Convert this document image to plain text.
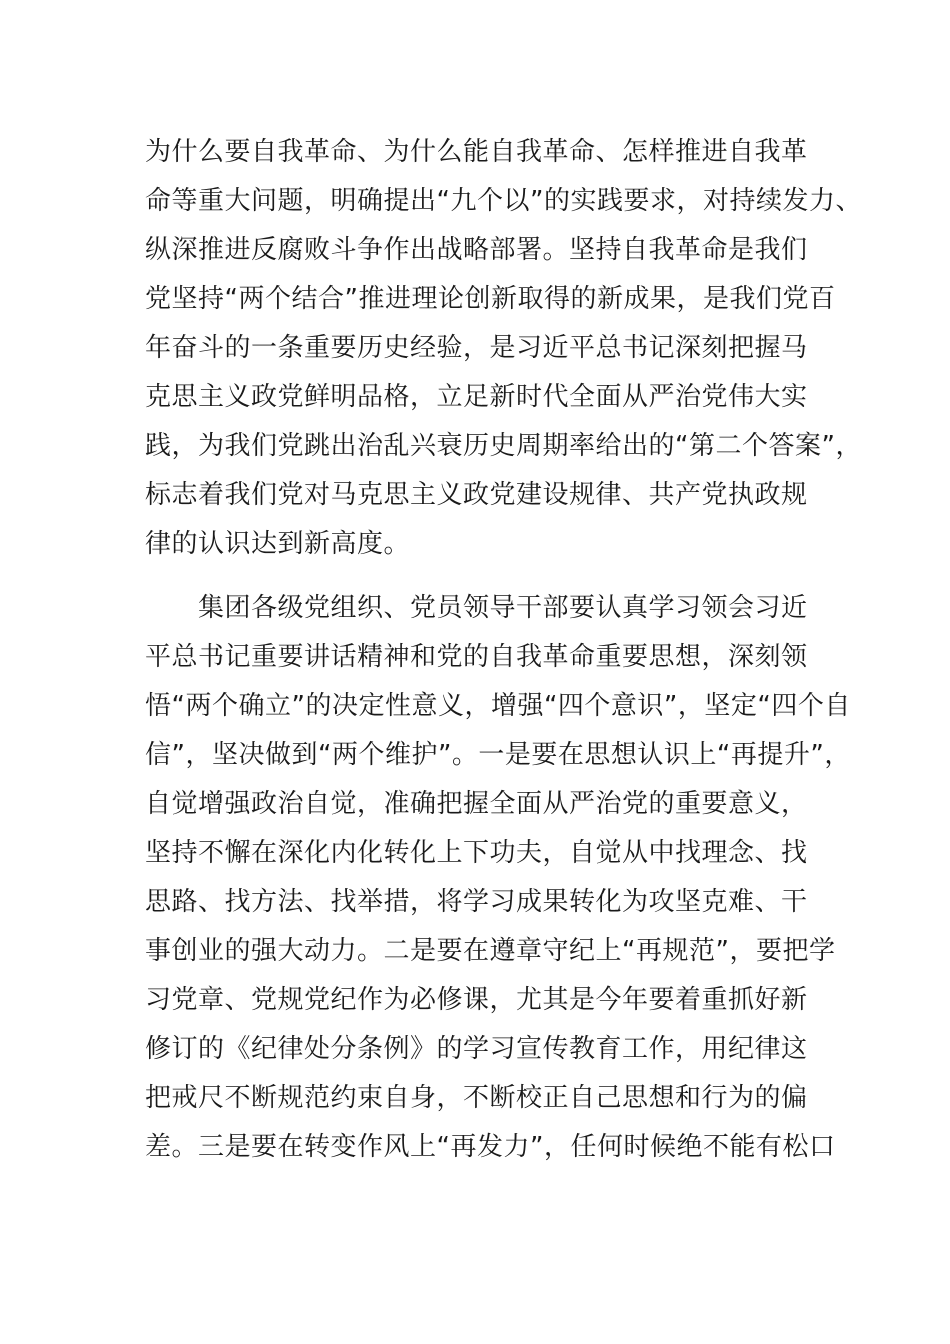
为什么要自我革命、为什么能自我革命、怎样推进自我革
命等重大问题，明确提出“九个以”的实践要求，对持续发力、
纵深推进反腐败斗争作出战略部署。坚持自我革命是我们
党坚持“两个结合”推进理论创新取得的新成果，是我们党百
年奋斗的一条重要历史经验，是习近平总书记深刻把握马
克思主义政党鲜明品格，立足新时代全面从严治党伟大实
践，为我们党跳出治乱兴衰历史周期率给出的“第二个答案”，
标志着我们党对马克思主义政党建设规律、共产党执政规
律的认识达到新高度。
　　集团各级党组织、党员领导干部要认真学习领会习近
平总书记重要讲话精神和党的自我革命重要思想，深刻领
悟“两个确立”的决定性意义，增强“四个意识”，坚定“四个自
信”，坚决做到“两个维护”。一是要在思想认识上“再提升”，
自觉增强政治自觉，准确把握全面从严治党的重要意义，
坚持不懈在深化内化转化上下功夫，自觉从中找理念、找
思路、找方法、找举措，将学习成果转化为攻坚克难、干
事创业的强大动力。二是要在遵章守纪上“再规范”，要把学
习党章、党规党纪作为必修课，尤其是今年要着重抓好新
修订的《纪律处分条例》的学习宣传教育工作，用纪律这
把戒尺不断规范约束自身，不断校正自己思想和行为的偏
差。三是要在转变作风上“再发力”，任何时候绝不能有松口
